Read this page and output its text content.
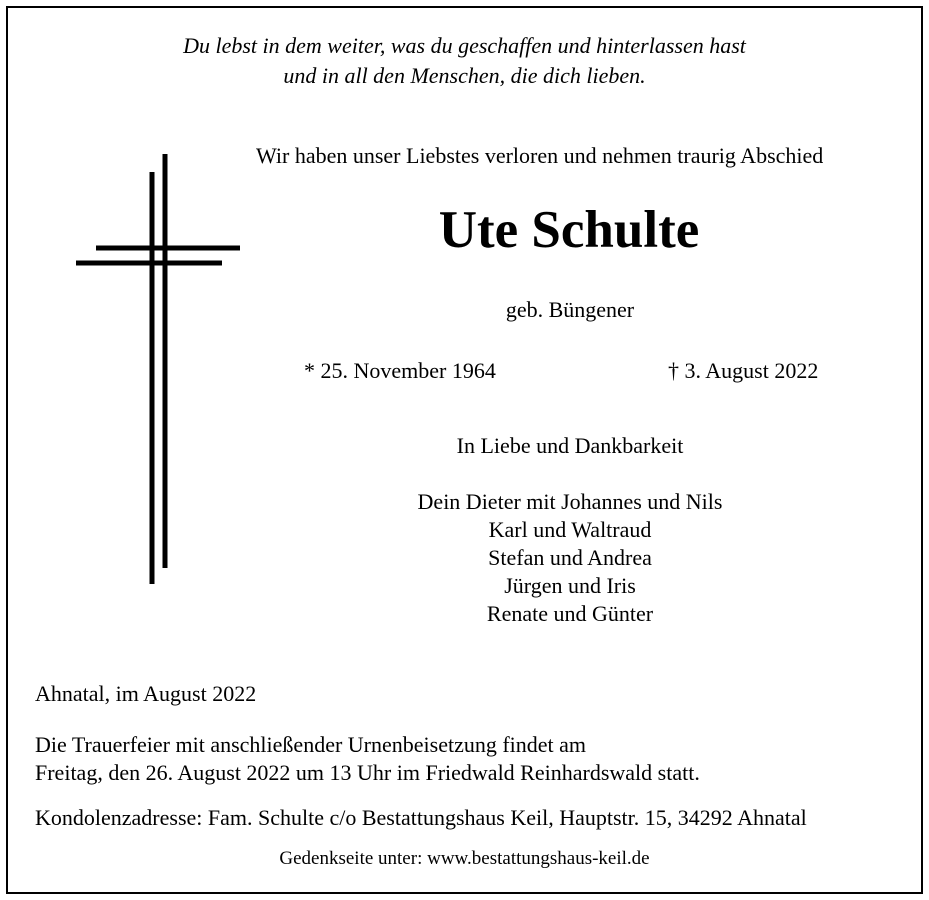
Du lebst in dem weiter, was du geschaffen und hinterlassen hast
und in all den Menschen, die dich lieben.
Wir haben unser Liebstes verloren und nehmen traurig Abschied
Ute Schulte
geb. Büngener
* 25. November 1964	† 3. August 2022
In Liebe und Dankbarkeit
Dein Dieter mit Johannes und Nils
Karl und Waltraud
Stefan und Andrea
Jürgen und Iris
Renate und Günter
Ahnatal, im August 2022
Die Trauerfeier mit anschließender Urnenbeisetzung findet am
Freitag, den 26. August 2022 um 13 Uhr im Friedwald Reinhardswald statt.
Kondolenzadresse: Fam. Schulte c/o Bestattungshaus Keil, Hauptstr. 15, 34292 Ahnatal
Gedenkseite unter: www.bestattungshaus-keil.de
